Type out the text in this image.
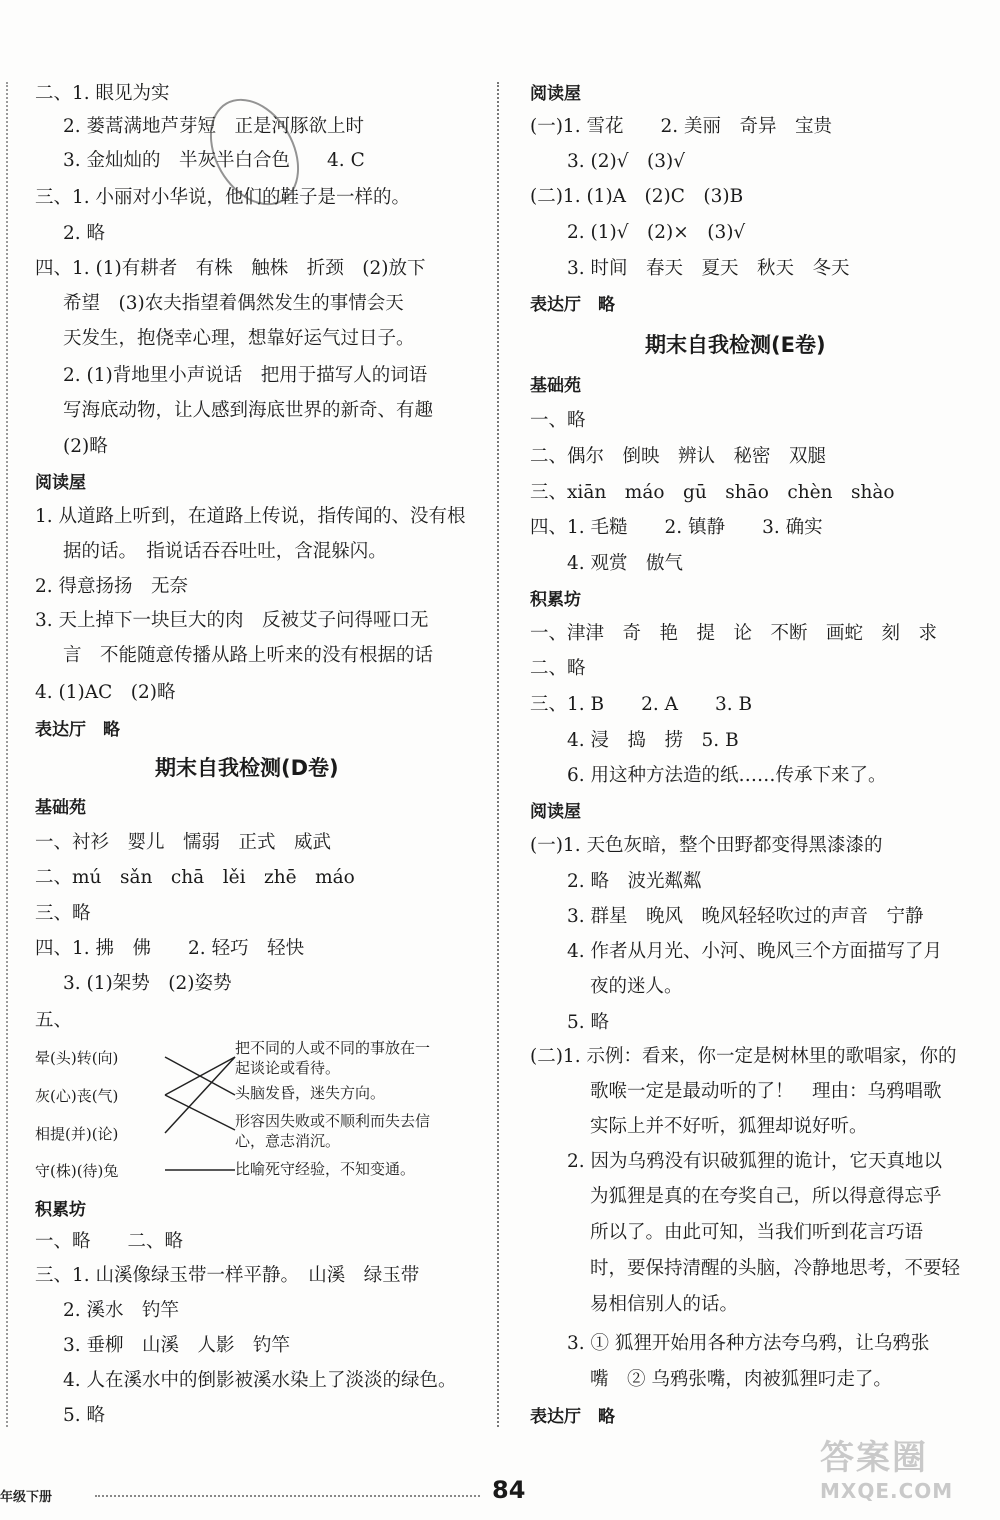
二、1. 眼见为实
2. 蒌蒿满地芦芽短　正是河豚欲上时
3. 金灿灿的　半灰半白合色　　4. C
三、1. 小丽对小华说，他们的鞋子是一样的。
2. 略
四、1. (1)有耕者　有株　触株　折颈　(2)放下
希望　(3)农夫指望着偶然发生的事情会天
天发生，抱侥幸心理，想靠好运气过日子。
2. (1)背地里小声说话　把用于描写人的词语
写海底动物，让人感到海底世界的新奇、有趣
(2)略
阅读屋
1. 从道路上听到，在道路上传说，指传闻的、没有根
据的话。　指说话吞吞吐吐，含混躲闪。
2. 得意扬扬　无奈
3. 天上掉下一块巨大的肉　反被艾子问得哑口无
言　不能随意传播从路上听来的没有根据的话
4. (1)AC　(2)略
表达厅　略
期末自我检测(D卷)
基础苑
一、衬衫　婴儿　懦弱　正式　威武
二、mú　sǎn　chā　lěi　zhē　máo
三、略
四、1. 拂　佛　　2. 轻巧　轻快
3. (1)架势　(2)姿势
五、
晕(头)转(向)
灰(心)丧(气)
相提(并)(论)
守(株)(待)兔
把不同的人或不同的事放在一
起谈论或看待。
头脑发昏，迷失方向。
形容因失败或不顺利而失去信
心，意志消沉。
比喻死守经验，不知变通。
积累坊
一、略　　二、略
三、1. 山溪像绿玉带一样平静。　山溪　绿玉带
2. 溪水　钓竿
3. 垂柳　山溪　人影　钓竿
4. 人在溪水中的倒影被溪水染上了淡淡的绿色。
5. 略
阅读屋
(一)1. 雪花　　2. 美丽　奇异　宝贵
3. (2)√　(3)√
(二)1. (1)A　(2)C　(3)B
2. (1)√　(2)×　(3)√
3. 时间　春天　夏天　秋天　冬天
表达厅　略
期末自我检测(E卷)
基础苑
一、略
二、偶尔　倒映　辨认　秘密　双腿
三、xiān　máo　gū　shāo　chèn　shào
四、1. 毛糙　　2. 镇静　　3. 确实
4. 观赏　傲气
积累坊
一、津津　奇　艳　提　论　不断　画蛇　刻　求
二、略
三、1. B　　2. A　　3. B
4. 浸　捣　捞　5. B
6. 用这种方法造的纸……传承下来了。
阅读屋
(一)1. 天色灰暗，整个田野都变得黑漆漆的
2. 略　波光粼粼
3. 群星　晚风　晚风轻轻吹过的声音　宁静
4. 作者从月光、小河、晚风三个方面描写了月
夜的迷人。
5. 略
(二)1. 示例：看来，你一定是树林里的歌唱家，你的
歌喉一定是最动听的了！　理由：乌鸦唱歌
实际上并不好听，狐狸却说好听。
2. 因为乌鸦没有识破狐狸的诡计，它天真地以
为狐狸是真的在夸奖自己，所以得意得忘乎
所以了。由此可知，当我们听到花言巧语
时，要保持清醒的头脑，冷静地思考，不要轻
易相信别人的话。
3. ① 狐狸开始用各种方法夸乌鸦，让乌鸦张
嘴　② 乌鸦张嘴，肉被狐狸叼走了。
表达厅　略
年级下册	84
答案圈
MXQE.COM
